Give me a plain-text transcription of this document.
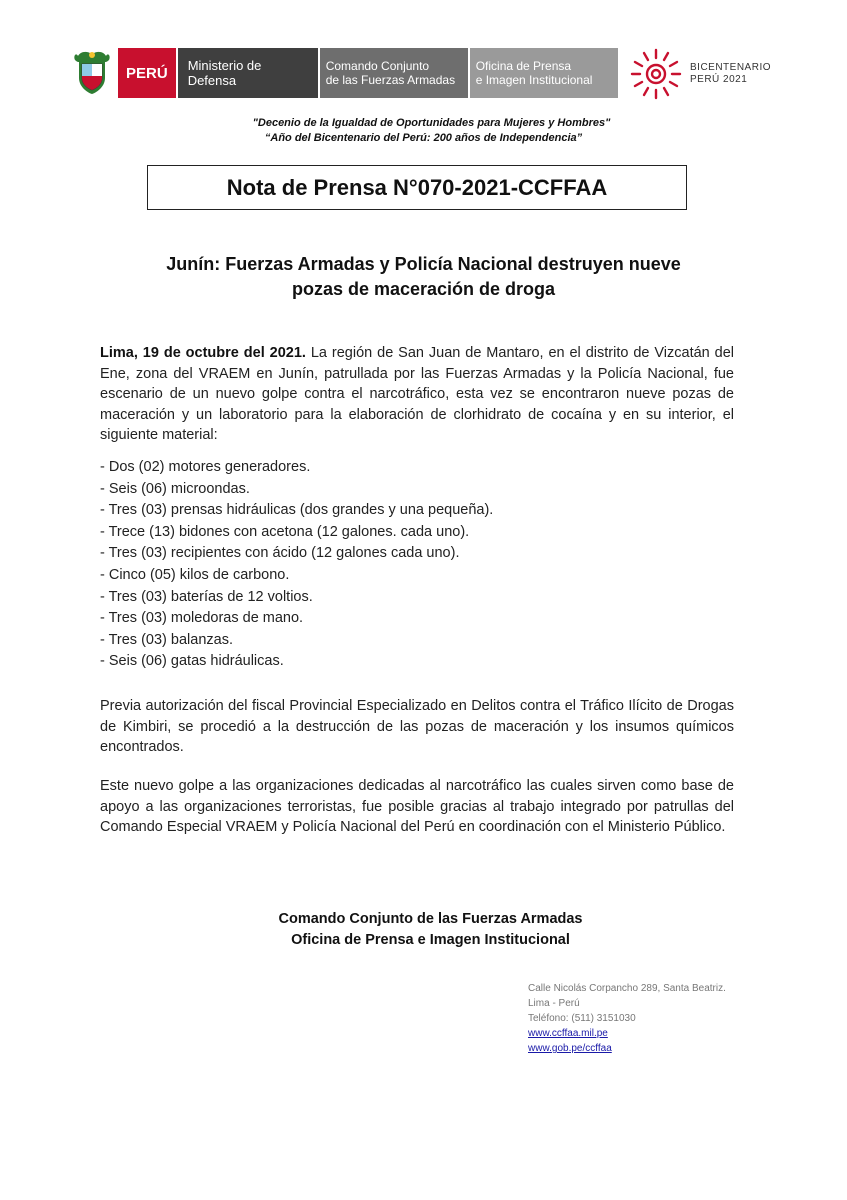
PERÚ	Ministerio de Defensa
Comando Conjunto
de las Fuerzas Armadas
Oficina de Prensa
e Imagen Institucional
BICENTENARIO
PERÚ 2021
"Decenio de la Igualdad de Oportunidades para Mujeres y Hombres"
“Año del Bicentenario del Perú: 200 años de Independencia”
Nota de Prensa N°070-2021-CCFFAA
Junín: Fuerzas Armadas y Policía Nacional destruyen nueve
pozas de maceración de droga
Lima, 19 de octubre del 2021. La región de San Juan de Mantaro, en el distrito de Vizcatán del Ene, zona del VRAEM en Junín, patrullada por las Fuerzas Armadas y la Policía Nacional, fue escenario de un nuevo golpe contra el narcotráfico, esta vez se encontraron nueve pozas de maceración y un laboratorio para la elaboración de clorhidrato de cocaína y en su interior, el siguiente material:
- Dos (02) motores generadores.
- Seis (06) microondas.
- Tres (03) prensas hidráulicas (dos grandes y una pequeña).
- Trece (13) bidones con acetona (12 galones. cada uno).
- Tres (03) recipientes con ácido (12 galones cada uno).
- Cinco (05) kilos de carbono.
- Tres (03) baterías de 12 voltios.
- Tres (03) moledoras de mano.
- Tres (03) balanzas.
- Seis (06) gatas hidráulicas.
Previa autorización del fiscal Provincial Especializado en Delitos contra el Tráfico Ilícito de Drogas de Kimbiri, se procedió a la destrucción de las pozas de maceración y los insumos químicos encontrados.
Este nuevo golpe a las organizaciones dedicadas al narcotráfico las cuales sirven como base de apoyo a las organizaciones terroristas, fue posible gracias al trabajo integrado por patrullas del Comando Especial VRAEM y Policía Nacional del Perú en coordinación con el Ministerio Público.
Comando Conjunto de las Fuerzas Armadas
Oficina de Prensa e Imagen Institucional
Calle Nicolás Corpancho 289, Santa Beatriz.
Lima - Perú
Teléfono: (511) 3151030
www.ccffaa.mil.pe
www.gob.pe/ccffaa
